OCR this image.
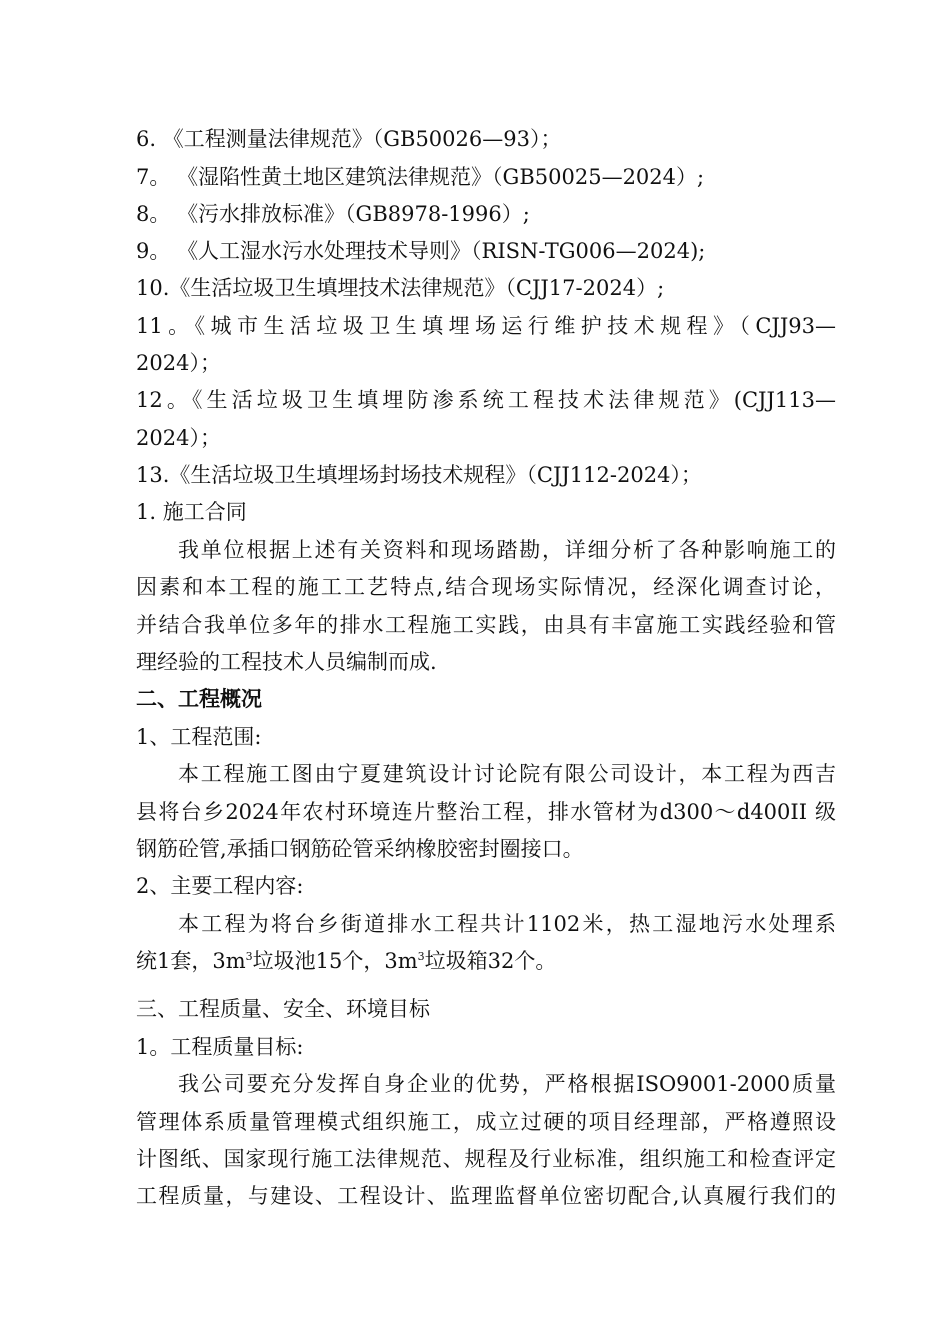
6. 《工程测量法律规范》（GB50026—93）；
7。 《湿陷性黄土地区建筑法律规范》（GB50025—2024）;
8。 《污水排放标准》（GB8978-1996）;
9。 《人工湿水污水处理技术导则》（RISN-TG006—2024);
10.《生活垃圾卫生填埋技术法律规范》（CJJ17-2024）;
11。《城市生活垃圾卫生填埋场运行维护技术规程》（CJJ93—
2024）；
12。《生活垃圾卫生填埋防渗系统工程技术法律规范》(CJJ113—
2024）；
13.《生活垃圾卫生填埋场封场技术规程》（CJJ112-2024）；
1. 施工合同
我单位根据上述有关资料和现场踏勘，详细分析了各种影响施工的
因素和本工程的施工工艺特点,结合现场实际情况，经深化调查讨论，
并结合我单位多年的排水工程施工实践，由具有丰富施工实践经验和管
理经验的工程技术人员编制而成.
二、工程概况
1、工程范围:
本工程施工图由宁夏建筑设计讨论院有限公司设计，本工程为西吉
县将台乡2024年农村环境连片整治工程，排水管材为d300～d400II 级
钢筋砼管,承插口钢筋砼管采纳橡胶密封圈接口。
2、主要工程内容:
本工程为将台乡街道排水工程共计1102米，热工湿地污水处理系
统1套，$3m^3$垃圾池15个，$3m^3$垃圾箱32个。
三、工程质量、安全、环境目标
1。工程质量目标:
我公司要充分发挥自身企业的优势，严格根据ISO9001-2000质量
管理体系质量管理模式组织施工，成立过硬的项目经理部，严格遵照设
计图纸、国家现行施工法律规范、规程及行业标准，组织施工和检查评定
工程质量，与建设、工程设计、监理监督单位密切配合,认真履行我们的
